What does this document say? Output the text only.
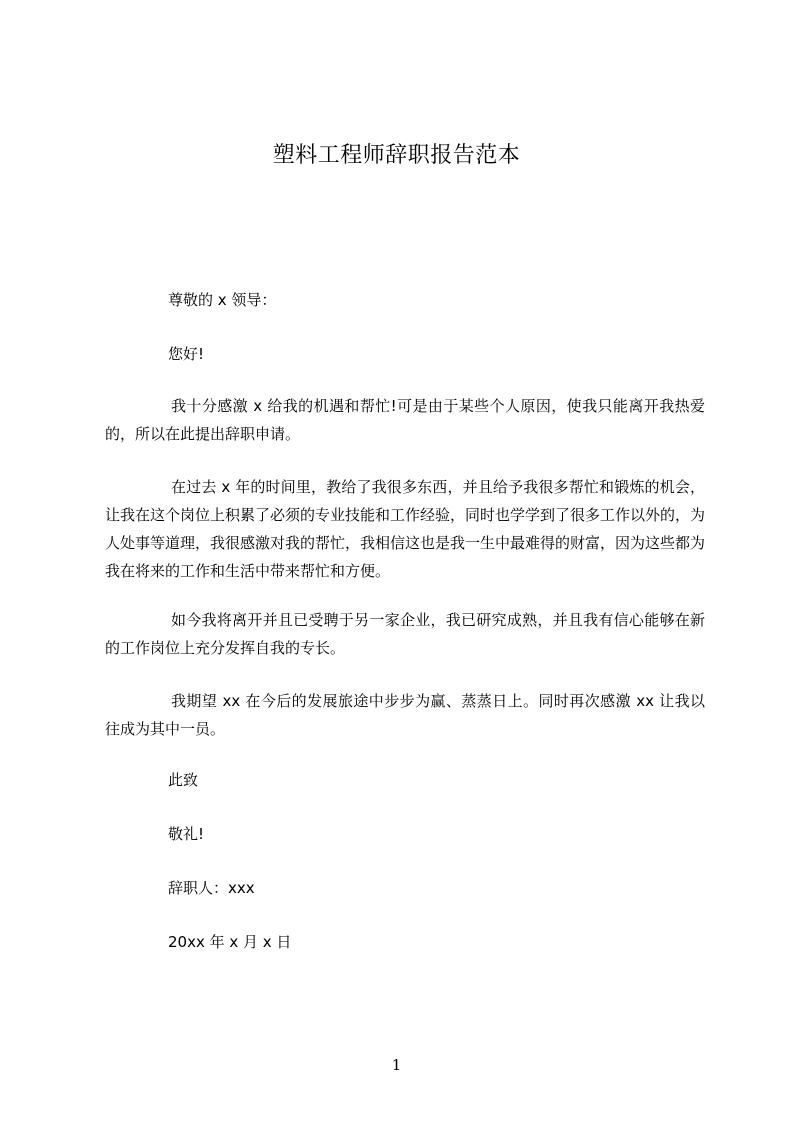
塑料工程师辞职报告范本
尊敬的 x 领导：
您好!
我十分感激 x 给我的机遇和帮忙!可是由于某些个人原因，使我只能离开我热爱的，所以在此提出辞职申请。
在过去 x 年的时间里，教给了我很多东西，并且给予我很多帮忙和锻炼的机会，让我在这个岗位上积累了必须的专业技能和工作经验，同时也学学到了很多工作以外的，为人处事等道理，我很感激对我的帮忙，我相信这也是我一生中最难得的财富，因为这些都为我在将来的工作和生活中带来帮忙和方便。
如今我将离开并且已受聘于另一家企业，我已研究成熟，并且我有信心能够在新的工作岗位上充分发挥自我的专长。
我期望 xx 在今后的发展旅途中步步为赢、蒸蒸日上。同时再次感激 xx 让我以往成为其中一员。
此致
敬礼!
辞职人：xxx
20xx 年 x 月 x 日
1
